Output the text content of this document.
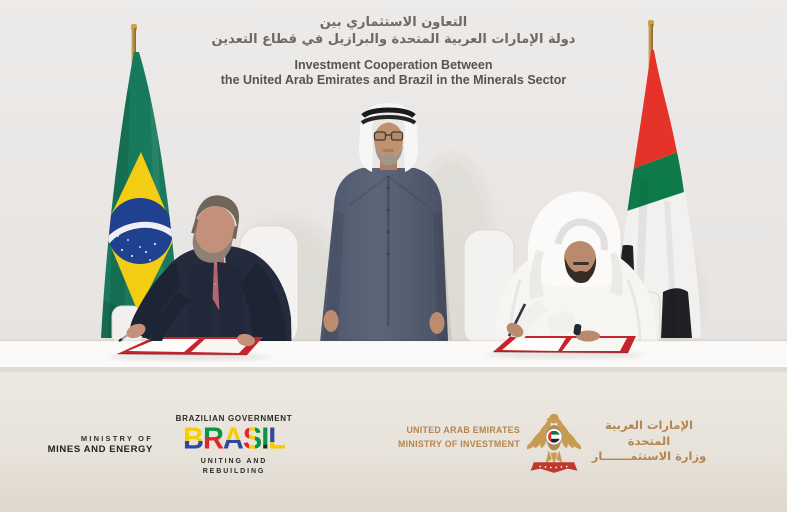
التعاون الاستثماري بين
دولة الإمارات العربية المتحدة والبرازيل في قطاع التعدين
Investment Cooperation Between
the United Arab Emirates and Brazil in the Minerals Sector
MINISTRY OF
MINES AND ENERGY
BRAZILIAN GOVERNMENT
BRASIL
UNITING AND REBUILDING
UNITED ARAB EMIRATES
MINISTRY OF INVESTMENT
الإمارات العربية المتحدة
وزارة الاستثمـــــــار
